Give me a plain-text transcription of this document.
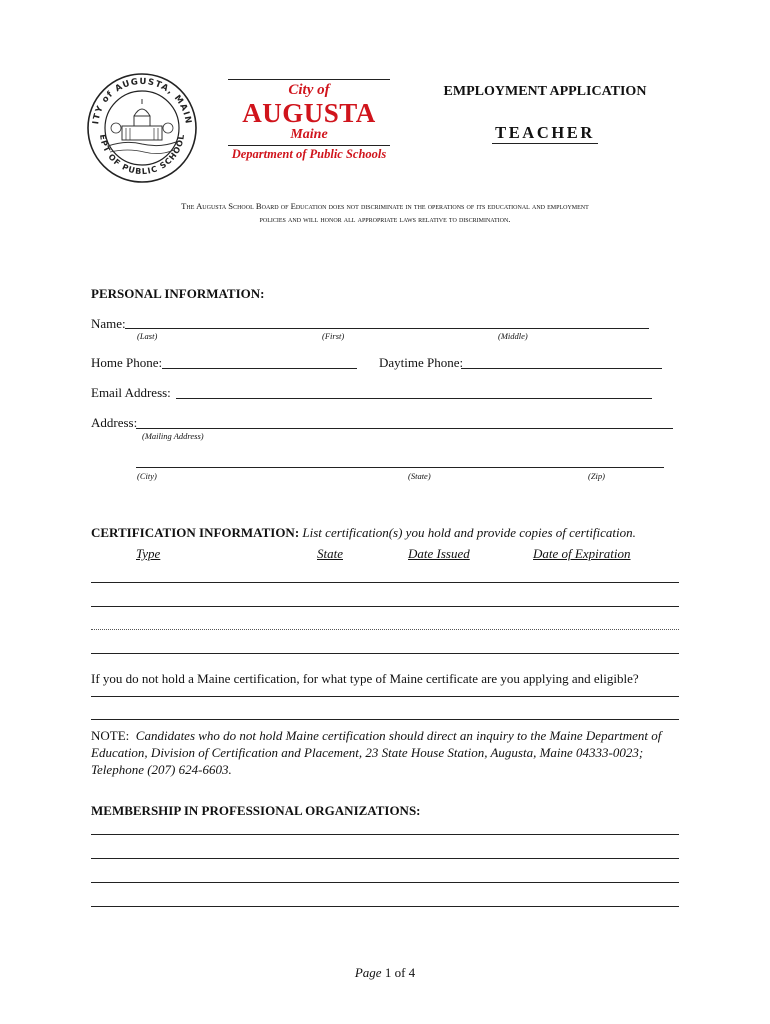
ITY of AUGUSTA, MAIN
EPT OF PUBLIC SCHOOL
City of
AUGUSTA
Maine
Department of Public Schools
EMPLOYMENT APPLICATION
TEACHER
The Augusta School Board of Education does not discriminate in the operations of its educational and employment
policies and will honor all appropriate laws relative to discrimination.
PERSONAL INFORMATION:
Name:
(Last)	(First)	(Middle)
Home Phone:	Daytime Phone:
Email Address:
Address:
(Mailing Address)
(City)	(State)	(Zip)
CERTIFICATION INFORMATION: List certification(s) you hold and provide copies of certification.
Type	State	Date Issued	Date of Expiration
If you do not hold a Maine certification, for what type of Maine certificate are you applying and eligible?
NOTE: Candidates who do not hold Maine certification should direct an inquiry to the Maine Department of
Education, Division of Certification and Placement, 23 State House Station, Augusta, Maine 04333-0023;
Telephone (207) 624-6603.
MEMBERSHIP IN PROFESSIONAL ORGANIZATIONS:
Page 1 of 4
